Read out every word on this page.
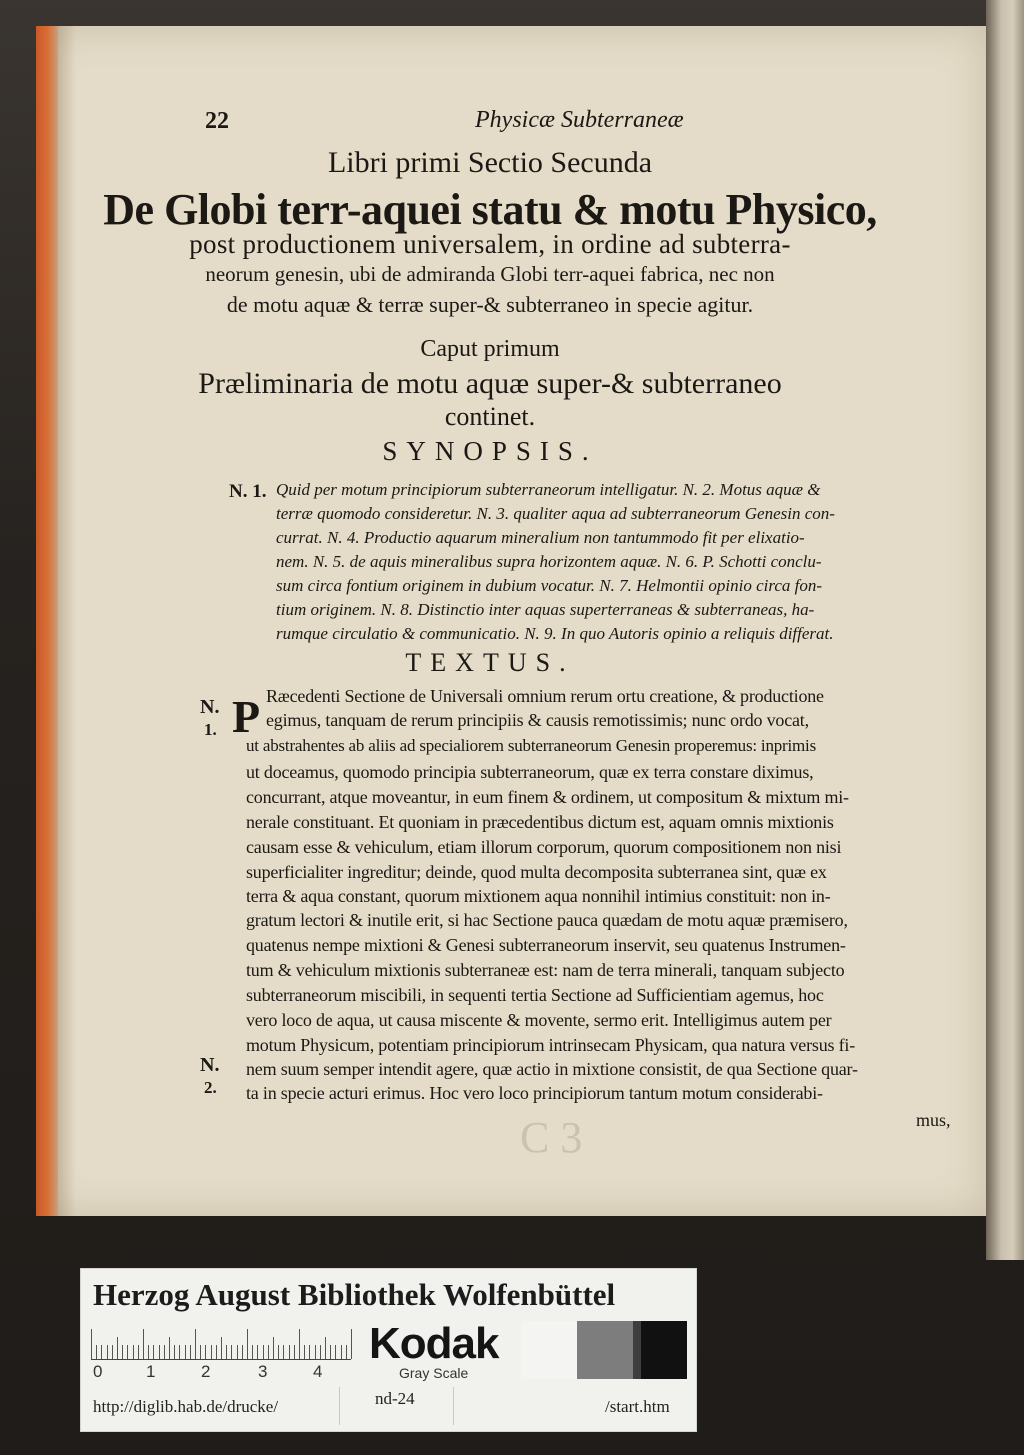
C 3
22	Physicæ Subterraneæ
Libri primi Sectio Secunda
De Globi terr-aquei statu & motu Physico,
post productionem universalem, in ordine ad subterra-
neorum genesin, ubi de admiranda Globi terr-aquei fabrica, nec non
de motu aquæ & terræ super-& subterraneo in specie agitur.
Caput primum
Præliminaria de motu aquæ super-& subterraneo
continet.
SYNOPSIS.
N. 1. Quid per motum principiorum subterraneorum intelligatur. N. 2. Motus aquæ &
terræ quomodo consideretur. N. 3. qualiter aqua ad subterraneorum Genesin con-
currat. N. 4. Productio aquarum mineralium non tantummodo fit per elixatio-
nem. N. 5. de aquis mineralibus supra horizontem aquæ. N. 6. P. Schotti conclu-
sum circa fontium originem in dubium vocatur. N. 7. Helmontii opinio circa fon-
tium originem. N. 8. Distinctio inter aquas superterraneas & subterraneas, ha-
rumque circulatio & communicatio. N. 9. In quo Autoris opinio a reliquis differat.
TEXTUS.
N.
1.
N.
2.
P Ræcedenti Sectione de Universali omnium rerum ortu creatione, & productione
egimus, tanquam de rerum principiis & causis remotissimis; nunc ordo vocat,
ut abstrahentes ab aliis ad specialiorem subterraneorum Genesin properemus: inprimis
ut doceamus, quomodo principia subterraneorum, quæ ex terra constare diximus,
concurrant, atque moveantur, in eum finem & ordinem, ut compositum & mixtum mi-
nerale constituant. Et quoniam in præcedentibus dictum est, aquam omnis mixtionis
causam esse & vehiculum, etiam illorum corporum, quorum compositionem non nisi
superficialiter ingreditur; deinde, quod multa decomposita subterranea sint, quæ ex
terra & aqua constant, quorum mixtionem aqua nonnihil intimius constituit: non in-
gratum lectori & inutile erit, si hac Sectione pauca quædam de motu aquæ præmisero,
quatenus nempe mixtioni & Genesi subterraneorum inservit, seu quatenus Instrumen-
tum & vehiculum mixtionis subterraneæ est: nam de terra minerali, tanquam subjecto
subterraneorum miscibili, in sequenti tertia Sectione ad Sufficientiam agemus, hoc
vero loco de aqua, ut causa miscente & movente, sermo erit. Intelligimus autem per
motum Physicum, potentiam principiorum intrinsecam Physicam, qua natura versus fi-
nem suum semper intendit agere, quæ actio in mixtione consistit, de qua Sectione quar-
ta in specie acturi erimus. Hoc vero loco principiorum tantum motum considerabi-
mus,
Herzog August Bibliothek Wolfenbüttel
Kodak
Gray Scale
http://diglib.hab.de/drucke/	nd-24	/start.htm
0	1	2	3	4
